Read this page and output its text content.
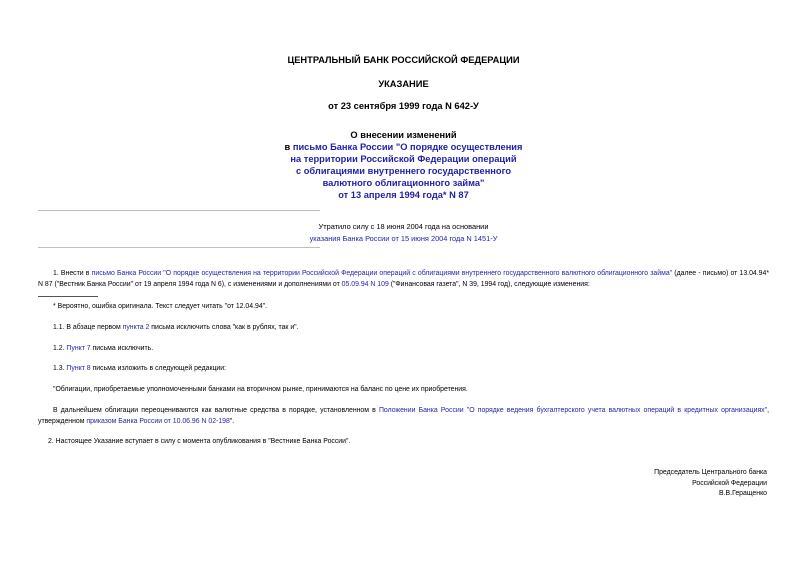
ЦЕНТРАЛЬНЫЙ БАНК РОССИЙСКОЙ ФЕДЕРАЦИИ
УКАЗАНИЕ
от 23 сентября 1999 года N 642-У
О внесении изменений
в письмо Банка России "О порядке осуществления
на территории Российской Федерации операций
с облигациями внутреннего государственного
валютного облигационного займа"
от 13 апреля 1994 года* N 87
Утратило силу с 18 июня 2004 года на основании
указания Банка России от 15 июня 2004 года N 1451-У
1. Внести в письмо Банка России "О порядке осуществления на территории Российской Федерации операций с облигациями внутреннего государственного валютного облигационного займа" (далее - письмо) от 13.04.94* N 87 ("Вестник Банка России" от 19 апреля 1994 года N 6), с изменениями и дополнениями от 05.09.94 N 109 ("Финансовая газета", N 39, 1994 год), следующие изменения:
* Вероятно, ошибка оригинала. Текст следует читать "от 12.04.94".
1.1. В абзаце первом пункта 2 письма исключить слова "как в рублях, так и".
1.2. Пункт 7 письма исключить.
1.3. Пункт 8 письма изложить в следующей редакции:
"Облигации, приобретаемые уполномоченными банками на вторичном рынке, принимаются на баланс по цене их приобретения.
В дальнейшем облигации переоцениваются как валютные средства в порядке, установленном в Положении Банка России "О порядке ведения бухгалтерского учета валютных операций в кредитных организациях", утвержденном приказом Банка России от 10.06.96 N 02-198".
2. Настоящее Указание вступает в силу с момента опубликования в "Вестнике Банка России".
Председатель Центрального банка
Российской Федерации
В.В.Геращенко
